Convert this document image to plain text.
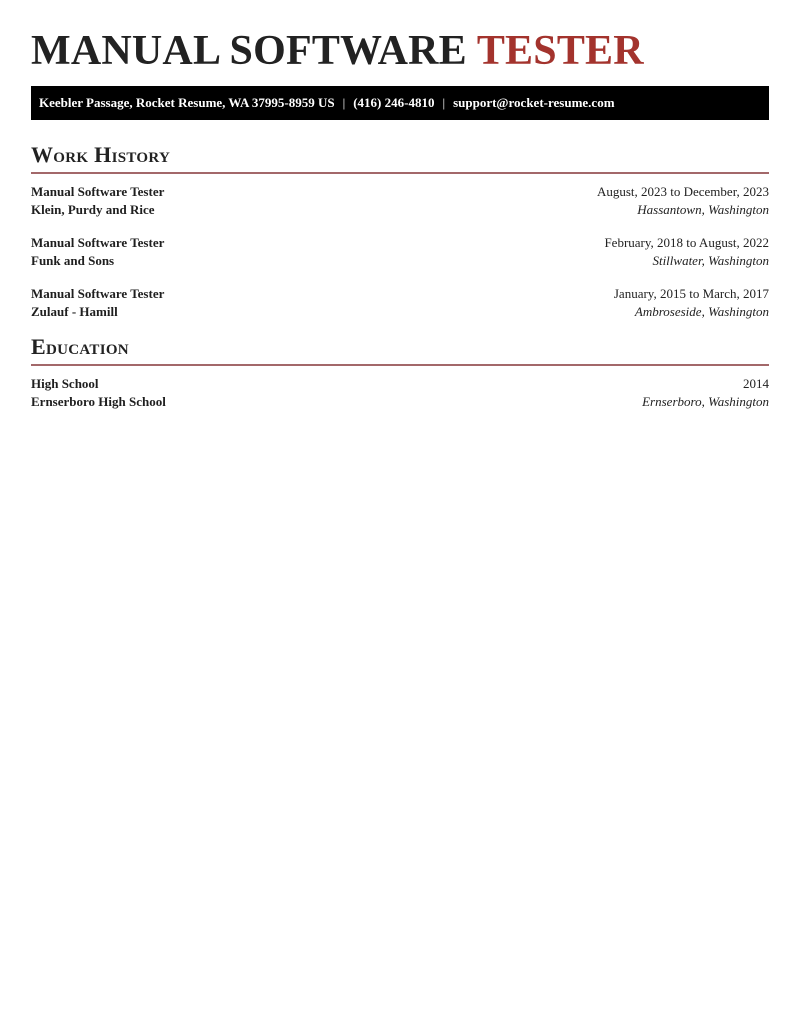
MANUAL SOFTWARE TESTER
Keebler Passage, Rocket Resume, WA 37995-8959 US | (416) 246-4810 | support@rocket-resume.com
Work History
Manual Software Tester	August, 2023 to December, 2023
Klein, Purdy and Rice	Hassantown, Washington
Manual Software Tester	February, 2018 to August, 2022
Funk and Sons	Stillwater, Washington
Manual Software Tester	January, 2015 to March, 2017
Zulauf - Hamill	Ambroseside, Washington
Education
High School	2014
Ernserboro High School	Ernserboro, Washington
